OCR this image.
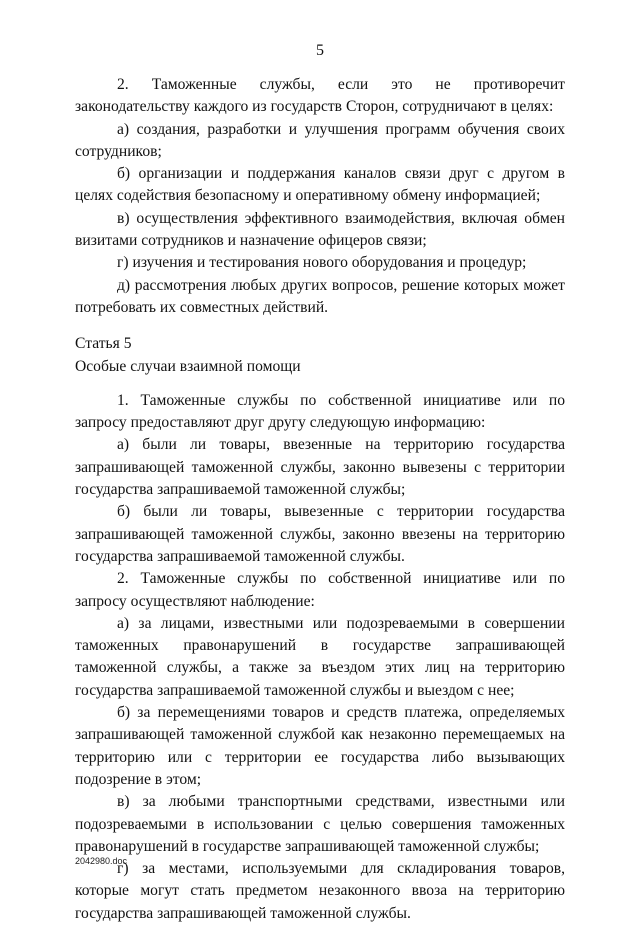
5

2. Таможенные службы, если это не противоречит законодательству каждого из государств Сторон, сотрудничают в целях:

а) создания, разработки и улучшения программ обучения своих сотрудников;

б) организации и поддержания каналов связи друг с другом в целях содействия безопасному и оперативному обмену информацией;

в) осуществления эффективного взаимодействия, включая обмен визитами сотрудников и назначение офицеров связи;

г) изучения и тестирования нового оборудования и процедур;

д) рассмотрения любых других вопросов, решение которых может потребовать их совместных действий.

Статья 5

Особые случаи взаимной помощи

1. Таможенные службы по собственной инициативе или по запросу предоставляют друг другу следующую информацию:

а) были ли товары, ввезенные на территорию государства запрашивающей таможенной службы, законно вывезены с территории государства запрашиваемой таможенной службы;

б) были ли товары, вывезенные с территории государства запрашивающей таможенной службы, законно ввезены на территорию государства запрашиваемой таможенной службы.

2. Таможенные службы по собственной инициативе или по запросу осуществляют наблюдение:

а) за лицами, известными или подозреваемыми в совершении таможенных правонарушений в государстве запрашивающей таможенной службы, а также за въездом этих лиц на территорию государства запрашиваемой таможенной службы и выездом с нее;

б) за перемещениями товаров и средств платежа, определяемых запрашивающей таможенной службой как незаконно перемещаемых на территорию или с территории ее государства либо вызывающих подозрение в этом;

в) за любыми транспортными средствами, известными или подозреваемыми в использовании с целью совершения таможенных правонарушений в государстве запрашивающей таможенной службы;

г) за местами, используемыми для складирования товаров, которые могут стать предметом незаконного ввоза на территорию государства запрашивающей таможенной службы.

2042980.doc
